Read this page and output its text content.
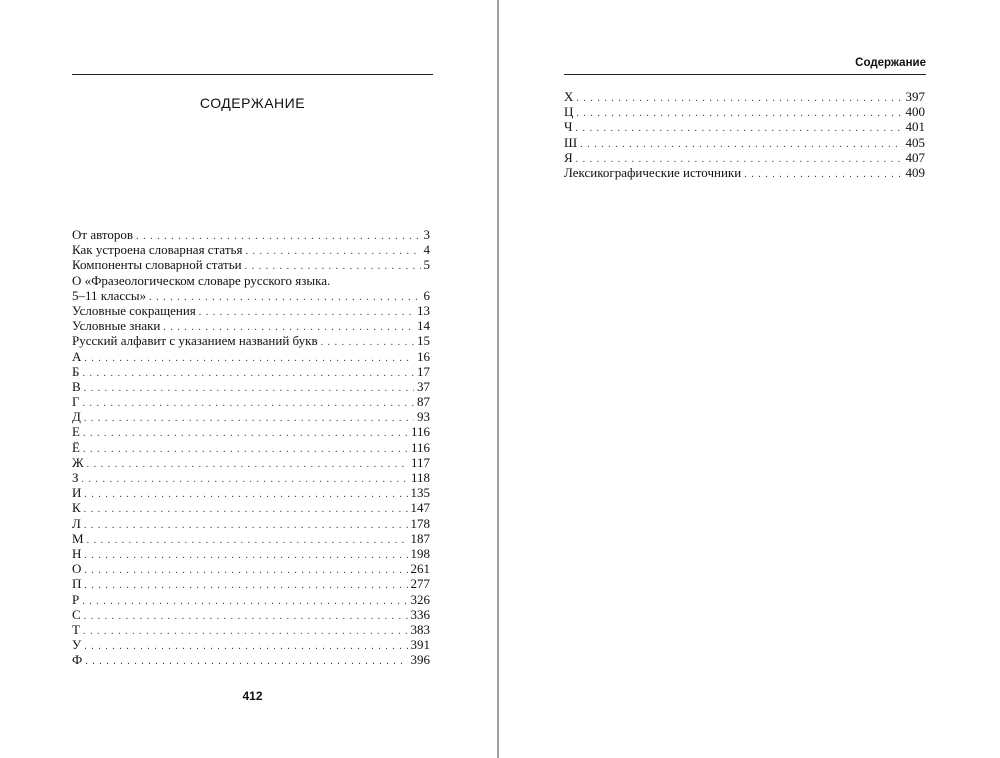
СОДЕРЖАНИЕ
От авторов . . .	3
Как устроена словарная статья . . .	4
Компоненты словарной статьи . . .	5
О «Фразеологическом словаре русского языка.
5–11 классы» . . .	6
Условные сокращения . . .	13
Условные знаки . . .	14
Русский алфавит с указанием названий букв . . .	15
А . . .	16
Б . . .	17
В . . .	37
Г . . .	87
Д . . .	93
Е . . .	116
Ё . . .	116
Ж . . .	117
З . . .	118
И . . .	135
К . . .	147
Л . . .	178
М . . .	187
Н . . .	198
О . . .	261
П . . .	277
Р . . .	326
С . . .	336
Т . . .	383
У . . .	391
Ф . . .	396
412
Содержание
Х . . .	397
Ц . . .	400
Ч . . .	401
Ш . . .	405
Я . . .	407
Лексикографические источники . . .	409
